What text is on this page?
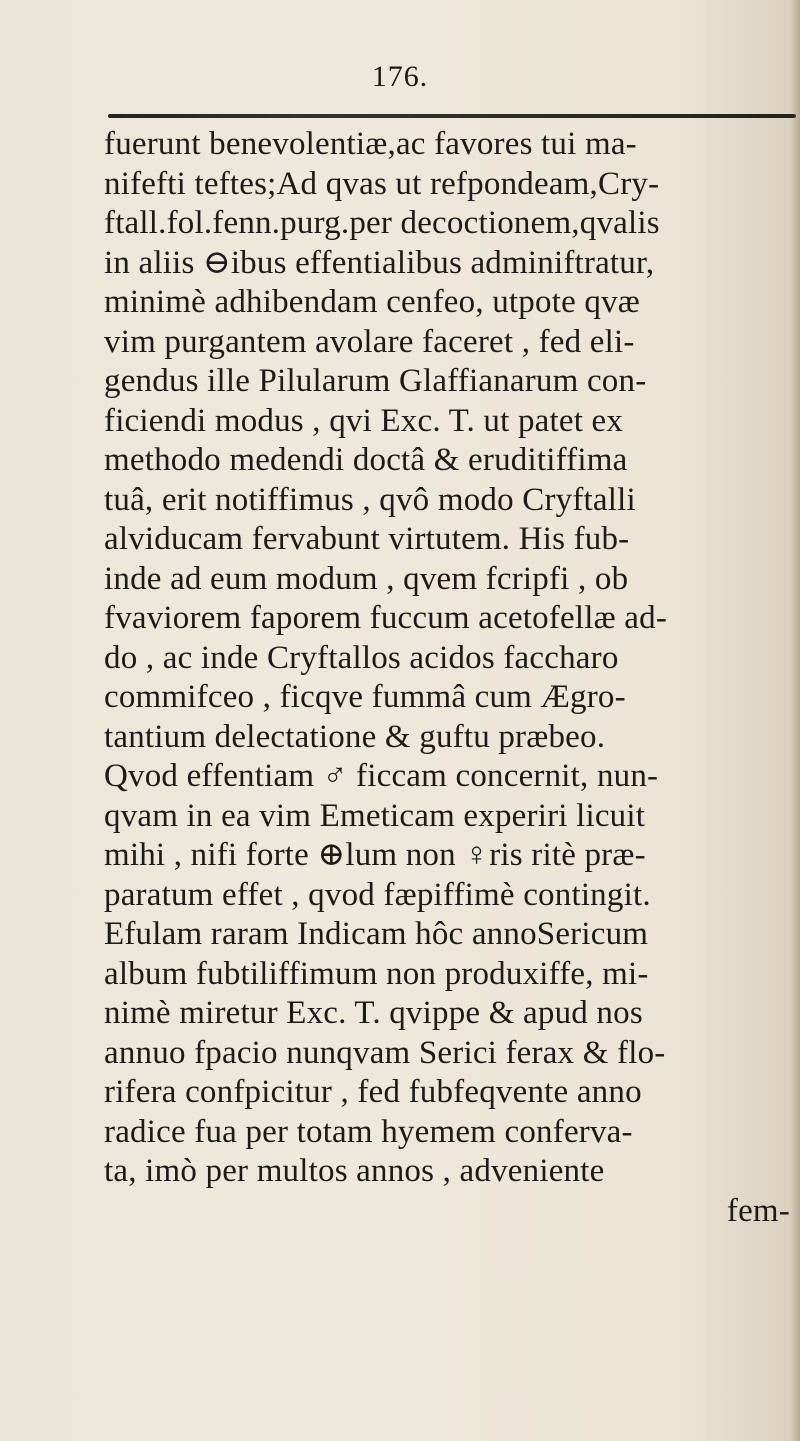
176.
fuerunt benevolentiæ,ac favores tui ma-
nifefti teftes;Ad qvas ut refpondeam,Cry-
ftall.fol.fenn.purg.per decoctionem,qvalis
in aliis ⊖ibus effentialibus adminiftratur,
minimè adhibendam cenfeo, utpote qvæ
vim purgantem avolare faceret , fed eli-
gendus ille Pilularum Glaffianarum con-
ficiendi modus , qvi Exc. T. ut patet ex
methodo medendi doctâ & eruditiffima
tuâ, erit notiffimus , qvô modo Cryftalli
alviducam fervabunt virtutem. His fub-
inde ad eum modum , qvem fcripfi , ob
fvaviorem faporem fuccum acetofellæ ad-
do , ac inde Cryftallos acidos faccharo
commifceo , ficqve fummâ cum Ægro-
tantium delectatione & guftu præbeo.
Qvod effentiam ♂ ficcam concernit, nun-
qvam in ea vim Emeticam experiri licuit
mihi , nifi forte ⊕lum non ♀ris ritè præ-
paratum effet , qvod fæpiffimè contingit.
Efulam raram Indicam hôc annoSericum
album fubtiliffimum non produxiffe, mi-
nimè miretur Exc. T. qvippe & apud nos
annuo fpacio nunqvam Serici ferax & flo-
rifera confpicitur , fed fubfeqvente anno
radice fua per totam hyemem conferva-
ta, imò per multos annos , adveniente
fem-
